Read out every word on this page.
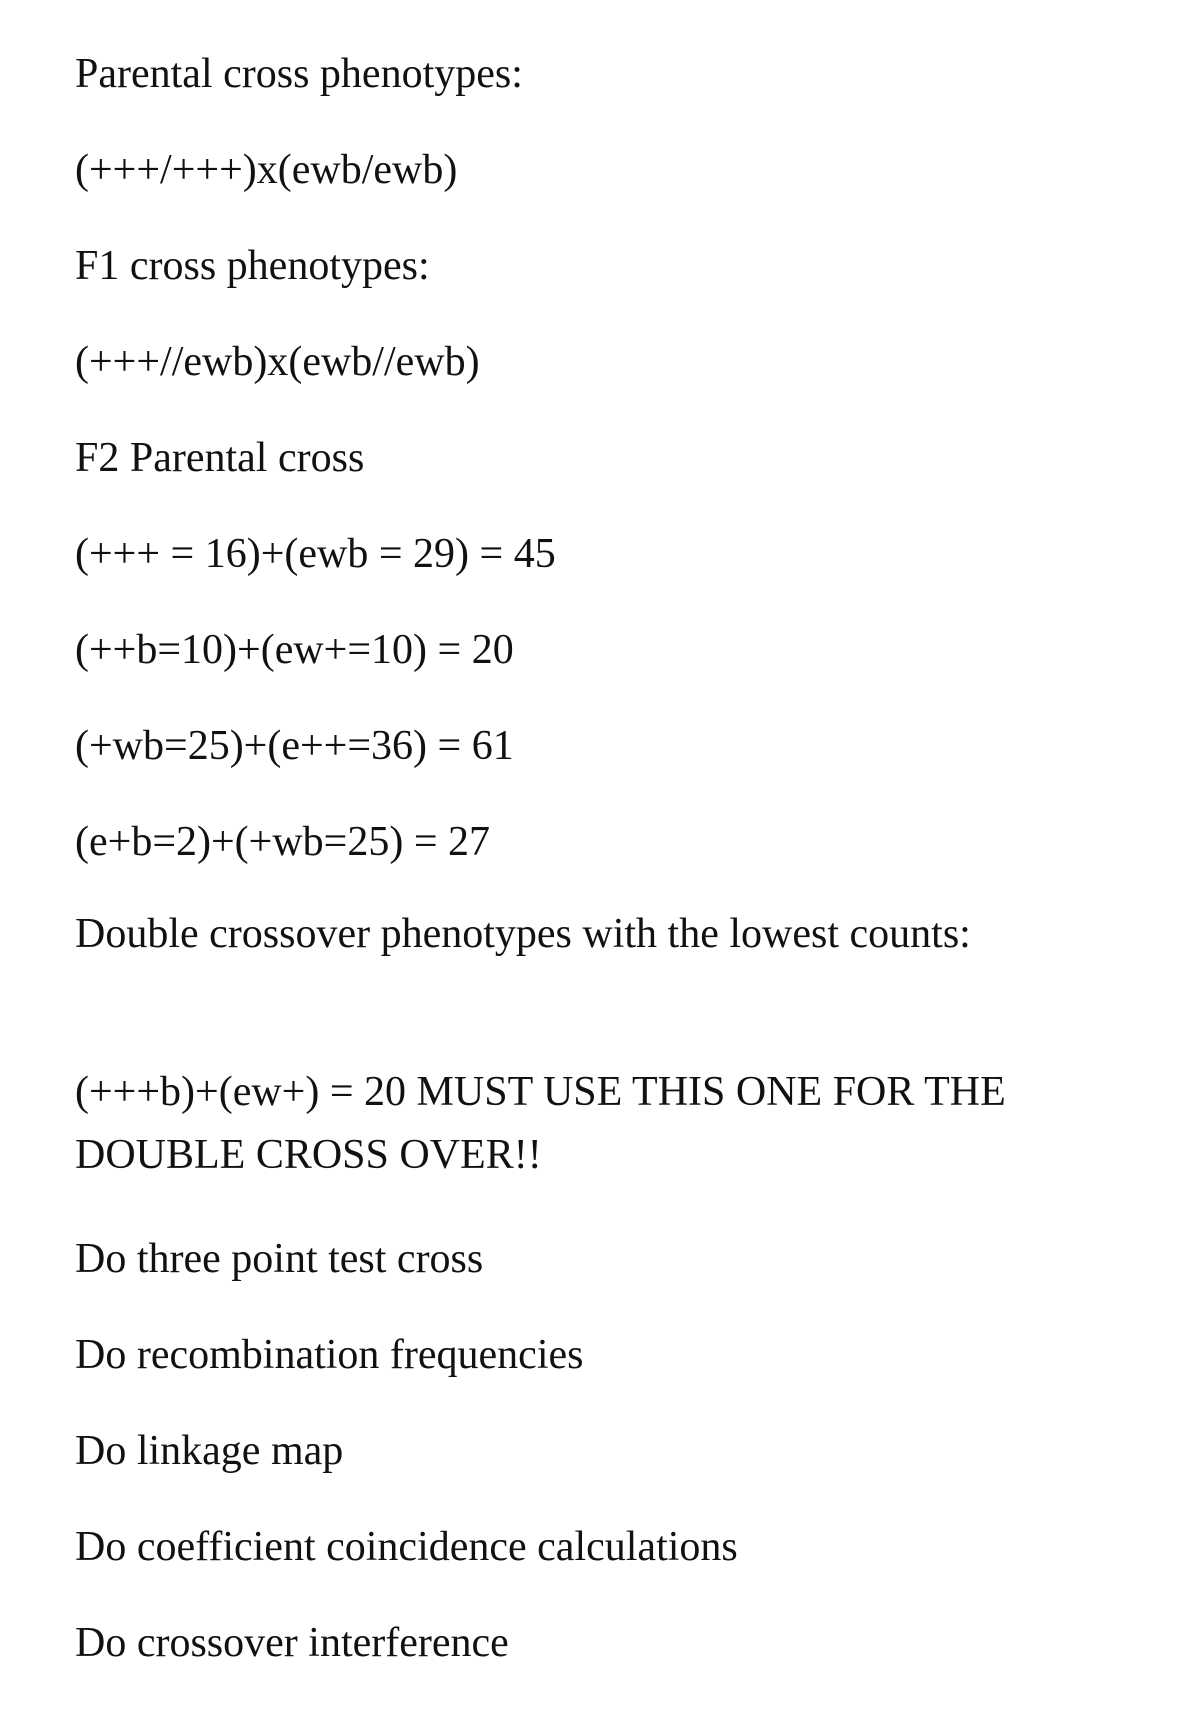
Parental cross phenotypes:
(+++/+++)x(ewb/ewb)
F1 cross phenotypes:
(+++//ewb)x(ewb//ewb)
F2 Parental cross
(+++ = 16)+(ewb = 29) = 45
(++b=10)+(ew+=10) = 20
(+wb=25)+(e++=36) = 61
(e+b=2)+(+wb=25) = 27
Double crossover phenotypes with the lowest counts:
(+++b)+(ew+) = 20 MUST USE THIS ONE FOR THE DOUBLE CROSS OVER!!
Do three point test cross
Do recombination frequencies
Do linkage map
Do coefficient coincidence calculations
Do crossover interference
